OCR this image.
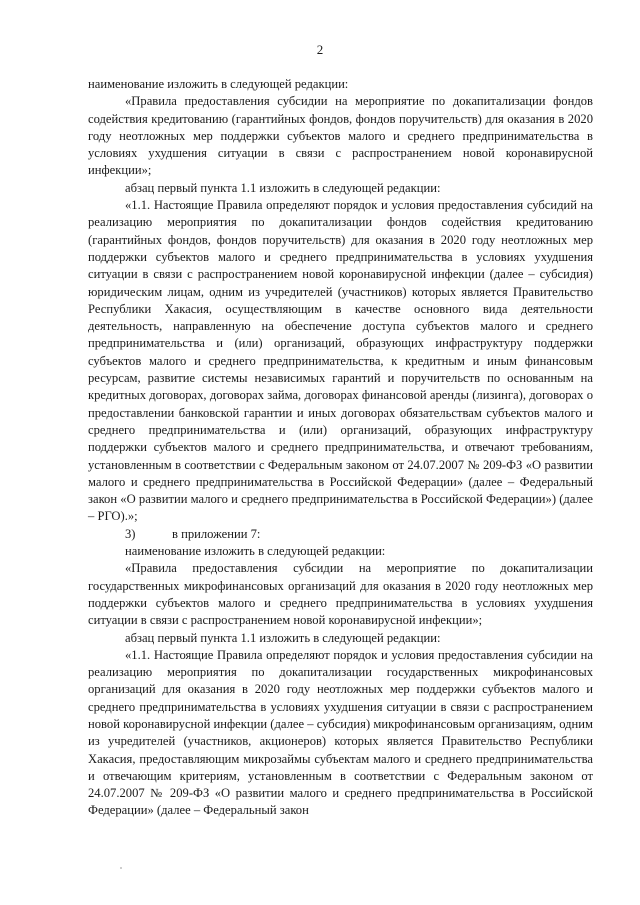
2

наименование изложить в следующей редакции:

«Правила предоставления субсидии на мероприятие по докапитализации фондов содействия кредитованию (гарантийных фондов, фондов поручительств) для оказания в 2020 году неотложных мер поддержки субъектов малого и среднего предпринимательства в условиях ухудшения ситуации в связи с распространением новой коронавирусной инфекции»;

абзац первый пункта 1.1 изложить в следующей редакции:

«1.1. Настоящие Правила определяют порядок и условия предоставления субсидий на реализацию мероприятия по докапитализации фондов содействия кредитованию (гарантийных фондов, фондов поручительств) для оказания в 2020 году неотложных мер поддержки субъектов малого и среднего предпринимательства в условиях ухудшения ситуации в связи с распространением новой коронавирусной инфекции (далее – субсидия) юридическим лицам, одним из учредителей (участников) которых является Правительство Республики Хакасия, осуществляющим в качестве основного вида деятельности деятельность, направленную на обеспечение доступа субъектов малого и среднего предпринимательства и (или) организаций, образующих инфраструктуру поддержки субъектов малого и среднего предпринимательства, к кредитным и иным финансовым ресурсам, развитие системы независимых гарантий и поручительств по основанным на кредитных договорах, договорах займа, договорах финансовой аренды (лизинга), договорах о предоставлении банковской гарантии и иных договорах обязательствам субъектов малого и среднего предпринимательства и (или) организаций, образующих инфраструктуру поддержки субъектов малого и среднего предпринимательства, и отвечают требованиям, установленным в соответствии с Федеральным законом от 24.07.2007 № 209-ФЗ «О развитии малого и среднего предпринимательства в Российской Федерации» (далее – Федеральный закон «О развитии малого и среднего предпринимательства в Российской Федерации») (далее – РГО).»;

3)	в приложении 7:

наименование изложить в следующей редакции:

«Правила предоставления субсидии на мероприятие по докапитализации государственных микрофинансовых организаций для оказания в 2020 году неотложных мер поддержки субъектов малого и среднего предпринимательства в условиях ухудшения ситуации в связи с распространением новой коронавирусной инфекции»;

абзац первый пункта 1.1 изложить в следующей редакции:

«1.1. Настоящие Правила определяют порядок и условия предоставления субсидии на реализацию мероприятия по докапитализации государственных микрофинансовых организаций для оказания в 2020 году неотложных мер поддержки субъектов малого и среднего предпринимательства в условиях ухудшения ситуации в связи с распространением новой коронавирусной инфекции (далее – субсидия) микрофинансовым организациям, одним из учредителей (участников, акционеров) которых является Правительство Республики Хакасия, предоставляющим микрозаймы субъектам малого и среднего предпринимательства и отвечающим критериям, установленным в соответствии с Федеральным законом от 24.07.2007 № 209-ФЗ «О развитии малого и среднего предпринимательства в Российской Федерации» (далее – Федеральный закон
